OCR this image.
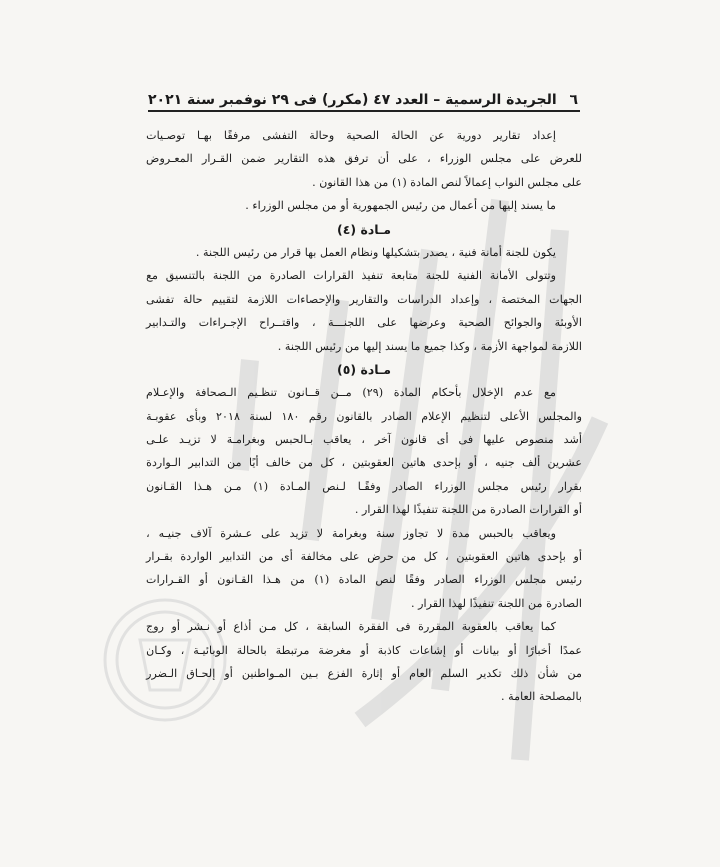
٦
الجريدة الرسمية – العدد ٤٧ (مكرر) فى ٢٩ نوفمبر سنة ٢٠٢١
إعداد
تقارير
دورية
عن
الحالة
الصحية
وحالة
التفشى
مرفقًا
بهـا
توصـيات
للعرض
على
مجلس
الوزراء
،
على
أن
ترفق
هذه
التقارير
ضمن
القـرار
المعـروض
على مجلس النواب إعمالاً لنص المادة (١) من هذا القانون .
ما يسند إليها من أعمال من رئيس الجمهورية أو من مجلس الوزراء .
مـادة (٤)
يكون للجنة أمانة فنية ، يصدر بتشكيلها ونظام العمل بها قرار من رئيس اللجنة .
وتتولى
الأمانة
الفنية
للجنة
متابعة
تنفيذ
القرارات
الصادرة
من
اللجنة
بالتنسيق
مع
الجهات
المختصة
،
وإعداد
الدراسات
والتقارير
والإحصاءات
اللازمة
لتقييم
حالة
تفشى
الأوبئة
والجوائح
الصحية
وعرضها
على
اللجنـــة
،
واقتــراح
الإجـراءات
والتـدابير
اللازمة لمواجهة الأزمة ، وكذا جميع ما يسند إليها من رئيس اللجنة .
مـادة (٥)
مع
عدم
الإخلال
بأحكام
المادة
(٢٩)
مــن
قــانون
تنظـيم
الـصحافة
والإعـلام
والمجلس
الأعلى
لتنظيم
الإعلام
الصادر
بالقانون
رقم
١٨٠
لسنة
٢٠١٨
وبأى
عقوبـة
أشد
منصوص
عليها
فى
أى
قانون
آخر
،
يعاقب
بـالحبس
وبغرامـة
لا
تزيـد
علـى
عشرين
ألف
جنيه
،
أو
بإحدى
هاتين
العقوبتين
،
كل
من
خالف
أيًا
من
التدابير
الـواردة
بقرار
رئيس
مجلس
الوزراء
الصادر
وفقًـا
لـنص
المـادة
(١)
مـن
هـذا
القـانون
أو القرارات الصادرة من اللجنة تنفيذًا لهذا القرار .
ويعاقب
بالحبس
مدة
لا
تجاوز
سنة
وبغرامة
لا
تزيد
على
عـشرة
آلاف
جنيـه
،
أو
بإحدى
هاتين
العقوبتين
،
كل
من
حرض
على
مخالفة
أى
من
التدابير
الواردة
بقـرار
رئيس
مجلس
الوزراء
الصادر
وفقًا
لنص
المادة
(١)
من
هـذا
القـانون
أو
القـرارات
الصادرة من اللجنة تنفيذًا لهذا القرار .
كما
يعاقب
بالعقوبة
المقررة
فى
الفقرة
السابقة
،
كل
مـن
أذاع
أو
نـشر
أو
روج
عمدًا
أخبارًا
أو
بيانات
أو
إشاعات
كاذبة
أو
مغرضة
مرتبطة
بالحالة
الوبائيـة
،
وكـان
من
شأن
ذلك
تكدير
السلم
العام
أو
إثارة
الفزع
بـين
المـواطنين
أو
إلحـاق
الـضرر
بالمصلحة العامة .
